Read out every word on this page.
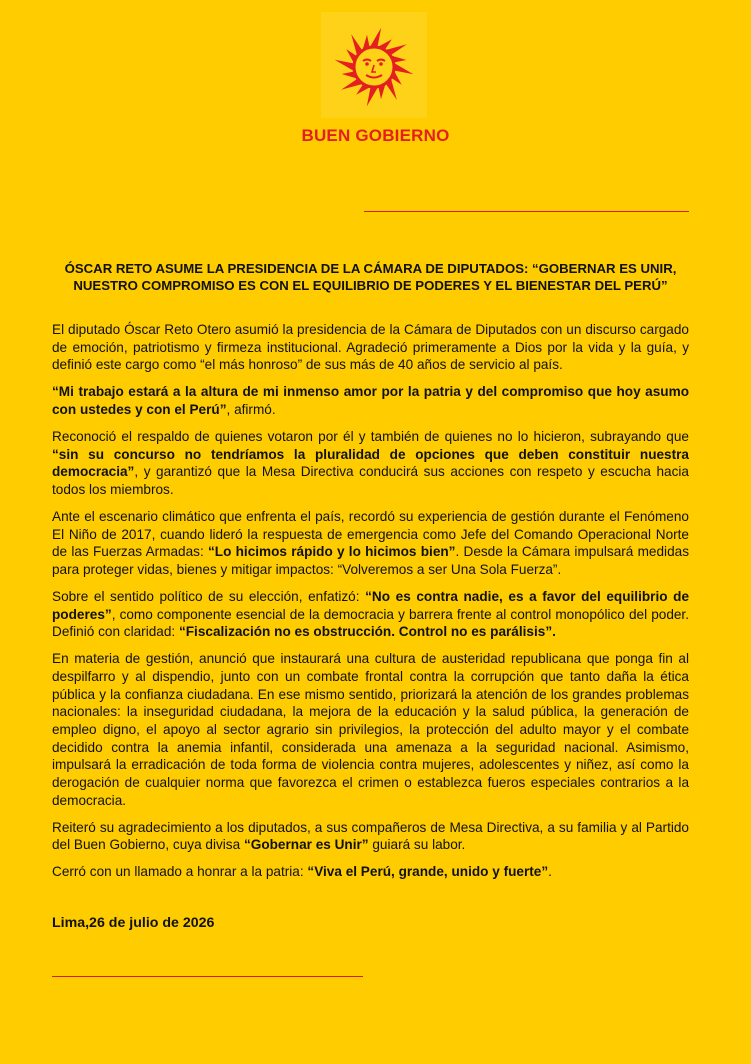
BUEN GOBIERNO
ÓSCAR RETO ASUME LA PRESIDENCIA DE LA CÁMARA DE DIPUTADOS: “GOBERNAR ES UNIR, NUESTRO COMPROMISO ES CON EL EQUILIBRIO DE PODERES Y EL BIENESTAR DEL PERÚ”

El diputado Óscar Reto Otero asumió la presidencia de la Cámara de Diputados con un discurso cargado de emoción, patriotismo y firmeza institucional. Agradeció primeramente a Dios por la vida y la guía, y definió este cargo como “el más honroso” de sus más de 40 años de servicio al país.

“Mi trabajo estará a la altura de mi inmenso amor por la patria y del compromiso que hoy asumo con ustedes y con el Perú”, afirmó.

Reconoció el respaldo de quienes votaron por él y también de quienes no lo hicieron, subrayando que “sin su concurso no tendríamos la pluralidad de opciones que deben constituir nuestra democracia”, y garantizó que la Mesa Directiva conducirá sus acciones con respeto y escucha hacia todos los miembros.

Ante el escenario climático que enfrenta el país, recordó su experiencia de gestión durante el Fenómeno El Niño de 2017, cuando lideró la respuesta de emergencia como Jefe del Comando Operacional Norte de las Fuerzas Armadas: “Lo hicimos rápido y lo hicimos bien”. Desde la Cámara impulsará medidas para proteger vidas, bienes y mitigar impactos: “Volveremos a ser Una Sola Fuerza”.

Sobre el sentido político de su elección, enfatizó: “No es contra nadie, es a favor del equilibrio de poderes”, como componente esencial de la democracia y barrera frente al control monopólico del poder. Definió con claridad: “Fiscalización no es obstrucción. Control no es parálisis”.

En materia de gestión, anunció que instaurará una cultura de austeridad republicana que ponga fin al despilfarro y al dispendio, junto con un combate frontal contra la corrupción que tanto daña la ética pública y la confianza ciudadana. En ese mismo sentido, priorizará la atención de los grandes problemas nacionales: la inseguridad ciudadana, la mejora de la educación y la salud pública, la generación de empleo digno, el apoyo al sector agrario sin privilegios, la protección del adulto mayor y el combate decidido contra la anemia infantil, considerada una amenaza a la seguridad nacional. Asimismo, impulsará la erradicación de toda forma de violencia contra mujeres, adolescentes y niñez, así como la derogación de cualquier norma que favorezca el crimen o establezca fueros especiales contrarios a la democracia.

Reiteró su agradecimiento a los diputados, a sus compañeros de Mesa Directiva, a su familia y al Partido del Buen Gobierno, cuya divisa “Gobernar es Unir” guiará su labor.

Cerró con un llamado a honrar a la patria: “Viva el Perú, grande, unido y fuerte”.

Lima,26 de julio de 2026
